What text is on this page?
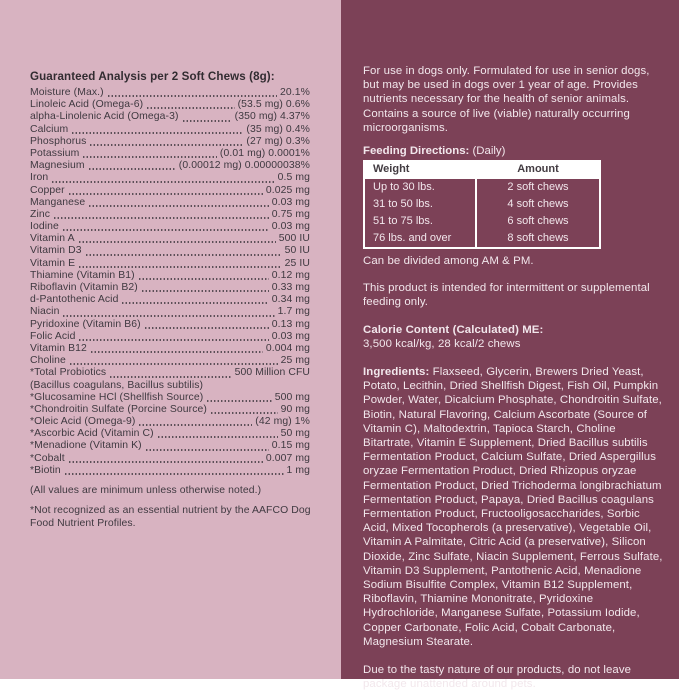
Guaranteed Analysis per 2 Soft Chews (8g):
Moisture (Max.)	20.1%
Linoleic Acid (Omega-6)	(53.5 mg) 0.6%
alpha-Linolenic Acid (Omega-3)	(350 mg) 4.37%
Calcium	(35 mg) 0.4%
Phosphorus	(27 mg) 0.3%
Potassium	(0.01 mg) 0.0001%
Magnesium	(0.00012 mg) 0.00000038%
Iron	0.5 mg
Copper	0.025 mg
Manganese	0.03 mg
Zinc	0.75 mg
Iodine	0.03 mg
Vitamin A	500 IU
Vitamin D3	50 IU
Vitamin E	25 IU
Thiamine (Vitamin B1)	0.12 mg
Riboflavin (Vitamin B2)	0.33 mg
d-Pantothenic Acid	0.34 mg
Niacin	1.7 mg
Pyridoxine (Vitamin B6)	0.13 mg
Folic Acid	0.03 mg
Vitamin B12	0.004 mg
Choline	25 mg
*Total Probiotics	500 Million CFU
(Bacillus coagulans, Bacillus subtilis)
*Glucosamine HCl (Shellfish Source)	500 mg
*Chondroitin Sulfate (Porcine Source)	90 mg
*Oleic Acid (Omega-9)	(42 mg) 1%
*Ascorbic Acid (Vitamin C)	50 mg
*Menadione (Vitamin K)	0.15 mg
*Cobalt	0.007 mg
*Biotin	1 mg
(All values are minimum unless otherwise noted.)
*Not recognized as an essential nutrient by the AAFCO Dog Food Nutrient Profiles.

For use in dogs only. Formulated for use in senior dogs, but may be used in dogs over 1 year of age. Provides nutrients necessary for the health of senior animals. Contains a source of live (viable) naturally occurring microorganisms.

Feeding Directions: (Daily)
Weight	Amount
Up to 30 lbs.	2 soft chews
31 to 50 lbs.	4 soft chews
51 to 75 lbs.	6 soft chews
76 lbs. and over	8 soft chews

Can be divided among AM & PM.

This product is intended for intermittent or supplemental feeding only.

Calorie Content (Calculated) ME:

3,500 kcal/kg, 28 kcal/2 chews

Ingredients: Flaxseed, Glycerin, Brewers Dried Yeast, Potato, Lecithin, Dried Shellfish Digest, Fish Oil, Pumpkin Powder, Water, Dicalcium Phosphate, Chondroitin Sulfate, Biotin, Natural Flavoring, Calcium Ascorbate (Source of Vitamin C), Maltodextrin, Tapioca Starch, Choline Bitartrate, Vitamin E Supplement, Dried Bacillus subtilis Fermentation Product, Calcium Sulfate, Dried Aspergillus oryzae Fermentation Product, Dried Rhizopus oryzae Fermentation Product, Dried Trichoderma longibrachiatum Fermentation Product, Papaya, Dried Bacillus coagulans Fermentation Product, Fructooligosaccharides, Sorbic Acid, Mixed Tocopherols (a preservative), Vegetable Oil, Vitamin A Palmitate, Citric Acid (a preservative), Silicon Dioxide, Zinc Sulfate, Niacin Supplement, Ferrous Sulfate, Vitamin D3 Supplement, Pantothenic Acid, Menadione Sodium Bisulfite Complex, Vitamin B12 Supplement, Riboflavin, Thiamine Mononitrate, Pyridoxine Hydrochloride, Manganese Sulfate, Potassium Iodide, Copper Carbonate, Folic Acid, Cobalt Carbonate, Magnesium Stearate.

Due to the tasty nature of our products, do not leave package unattended around pets.
